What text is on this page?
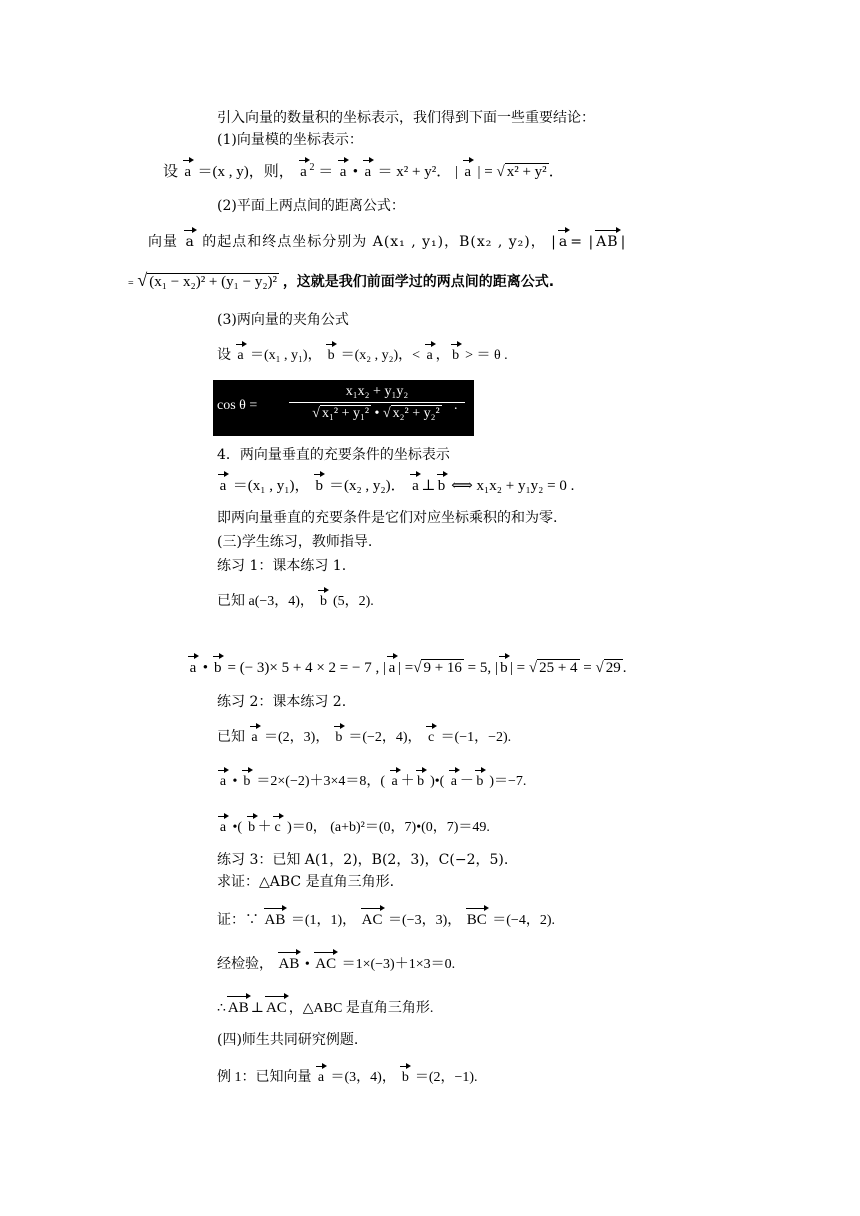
引入向量的数量积的坐标表示，我们得到下面一些重要结论：
(1)向量模的坐标表示：
设 a ＝(x , y)，则， a $^2$ ＝ a • a ＝ x² + y²． | a | = √ x² + y² ．
(2)平面上两点间的距离公式：
向量 a 的起点和终点坐标分别为 A(x₁ , y₁)，B(x₂ , y₂)， | a = | AB |
= √ (x₁ − x₂)² + (y₁ − y₂)² ，这就是我们前面学过的两点间的距离公式.
(3)两向量的夹角公式
设 a ＝(x₁ , y₁)， b ＝(x₂ , y₂)，< a ， b > ＝ θ .
cos θ =
x₁x₂ + y₁y₂
√ x₁² + y₁² • √ x₂² + y₂²
.
4．两向量垂直的充要条件的坐标表示
a ＝(x₁ , y₁)， b ＝(x₂ , y₂)． a ⊥ b ⟺ x₁x₂ + y₁y₂ = 0 .
即两向量垂直的充要条件是它们对应坐标乘积的和为零.
(三)学生练习，教师指导.
练习 1：课本练习 1.
已知 a(−3，4)， b (5，2).
a • b = (− 3)× 5 + 4 × 2 = − 7 , | a | =√ 9 + 16 = 5, | b | = √ 25 + 4 = √ 29 .
练习 2：课本练习 2.
已知 a ＝(2，3)， b ＝(−2，4)， c ＝(−1，−2).
a • b ＝2×(−2)＋3×4＝8，( a ＋ b )•( a － b )＝−7.
a •( b ＋ c )＝0， (a+b)²＝(0，7)•(0，7)＝49.
练习 3：已知 A(1，2)，B(2，3)，C(−2，5).
求证：△ABC 是直角三角形.
证：∵ AB ＝(1，1)， AC ＝(−3，3)， BC ＝(−4，2).
经检验， AB • AC ＝1×(−3)＋1×3＝0.
∴ AB ⊥ AC ，△ABC 是直角三角形.
(四)师生共同研究例题.
例 1：已知向量 a ＝(3，4)， b ＝(2，−1).
